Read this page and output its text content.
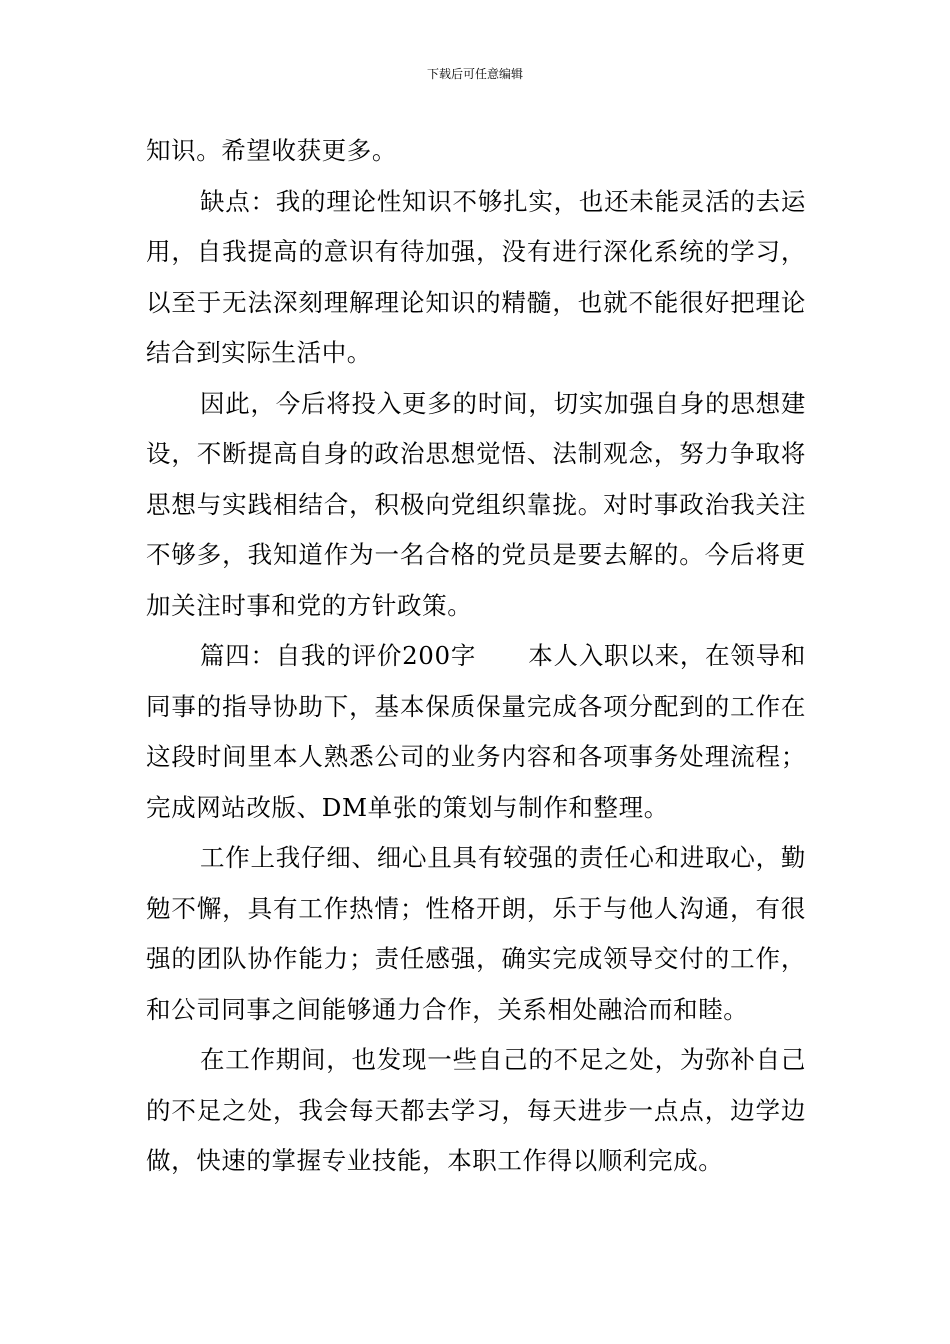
下载后可任意编辑

知识。希望收获更多。

缺点：我的理论性知识不够扎实，也还未能灵活的去运用，自我提高的意识有待加强，没有进行深化系统的学习，以至于无法深刻理解理论知识的精髓，也就不能很好把理论结合到实际生活中。

因此，今后将投入更多的时间，切实加强自身的思想建设，不断提高自身的政治思想觉悟、法制观念，努力争取将思想与实践相结合，积极向党组织靠拢。对时事政治我关注不够多，我知道作为一名合格的党员是要去解的。今后将更加关注时事和党的方针政策。

篇四：自我的评价200字 本人入职以来，在领导和同事的指导协助下，基本保质保量完成各项分配到的工作在这段时间里本人熟悉公司的业务内容和各项事务处理流程；完成网站改版、DM单张的策划与制作和整理。

工作上我仔细、细心且具有较强的责任心和进取心，勤勉不懈，具有工作热情；性格开朗，乐于与他人沟通，有很强的团队协作能力；责任感强，确实完成领导交付的工作，和公司同事之间能够通力合作，关系相处融洽而和睦。

在工作期间，也发现一些自己的不足之处，为弥补自己的不足之处，我会每天都去学习，每天进步一点点，边学边做，快速的掌握专业技能，本职工作得以顺利完成。
